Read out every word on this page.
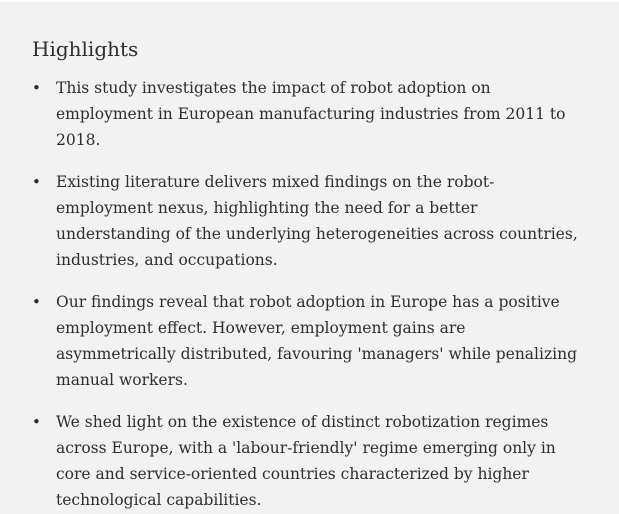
Highlights
• This study investigates the impact of robot adoption on employment in European manufacturing industries from 2011 to 2018.
• Existing literature delivers mixed findings on the robot-employment nexus, highlighting the need for a better understanding of the underlying heterogeneities across countries, industries, and occupations.
• Our findings reveal that robot adoption in Europe has a positive employment effect. However, employment gains are asymmetrically distributed, favouring 'managers' while penalizing manual workers.
• We shed light on the existence of distinct robotization regimes across Europe, with a 'labour-friendly' regime emerging only in core and service-oriented countries characterized by higher technological capabilities.
